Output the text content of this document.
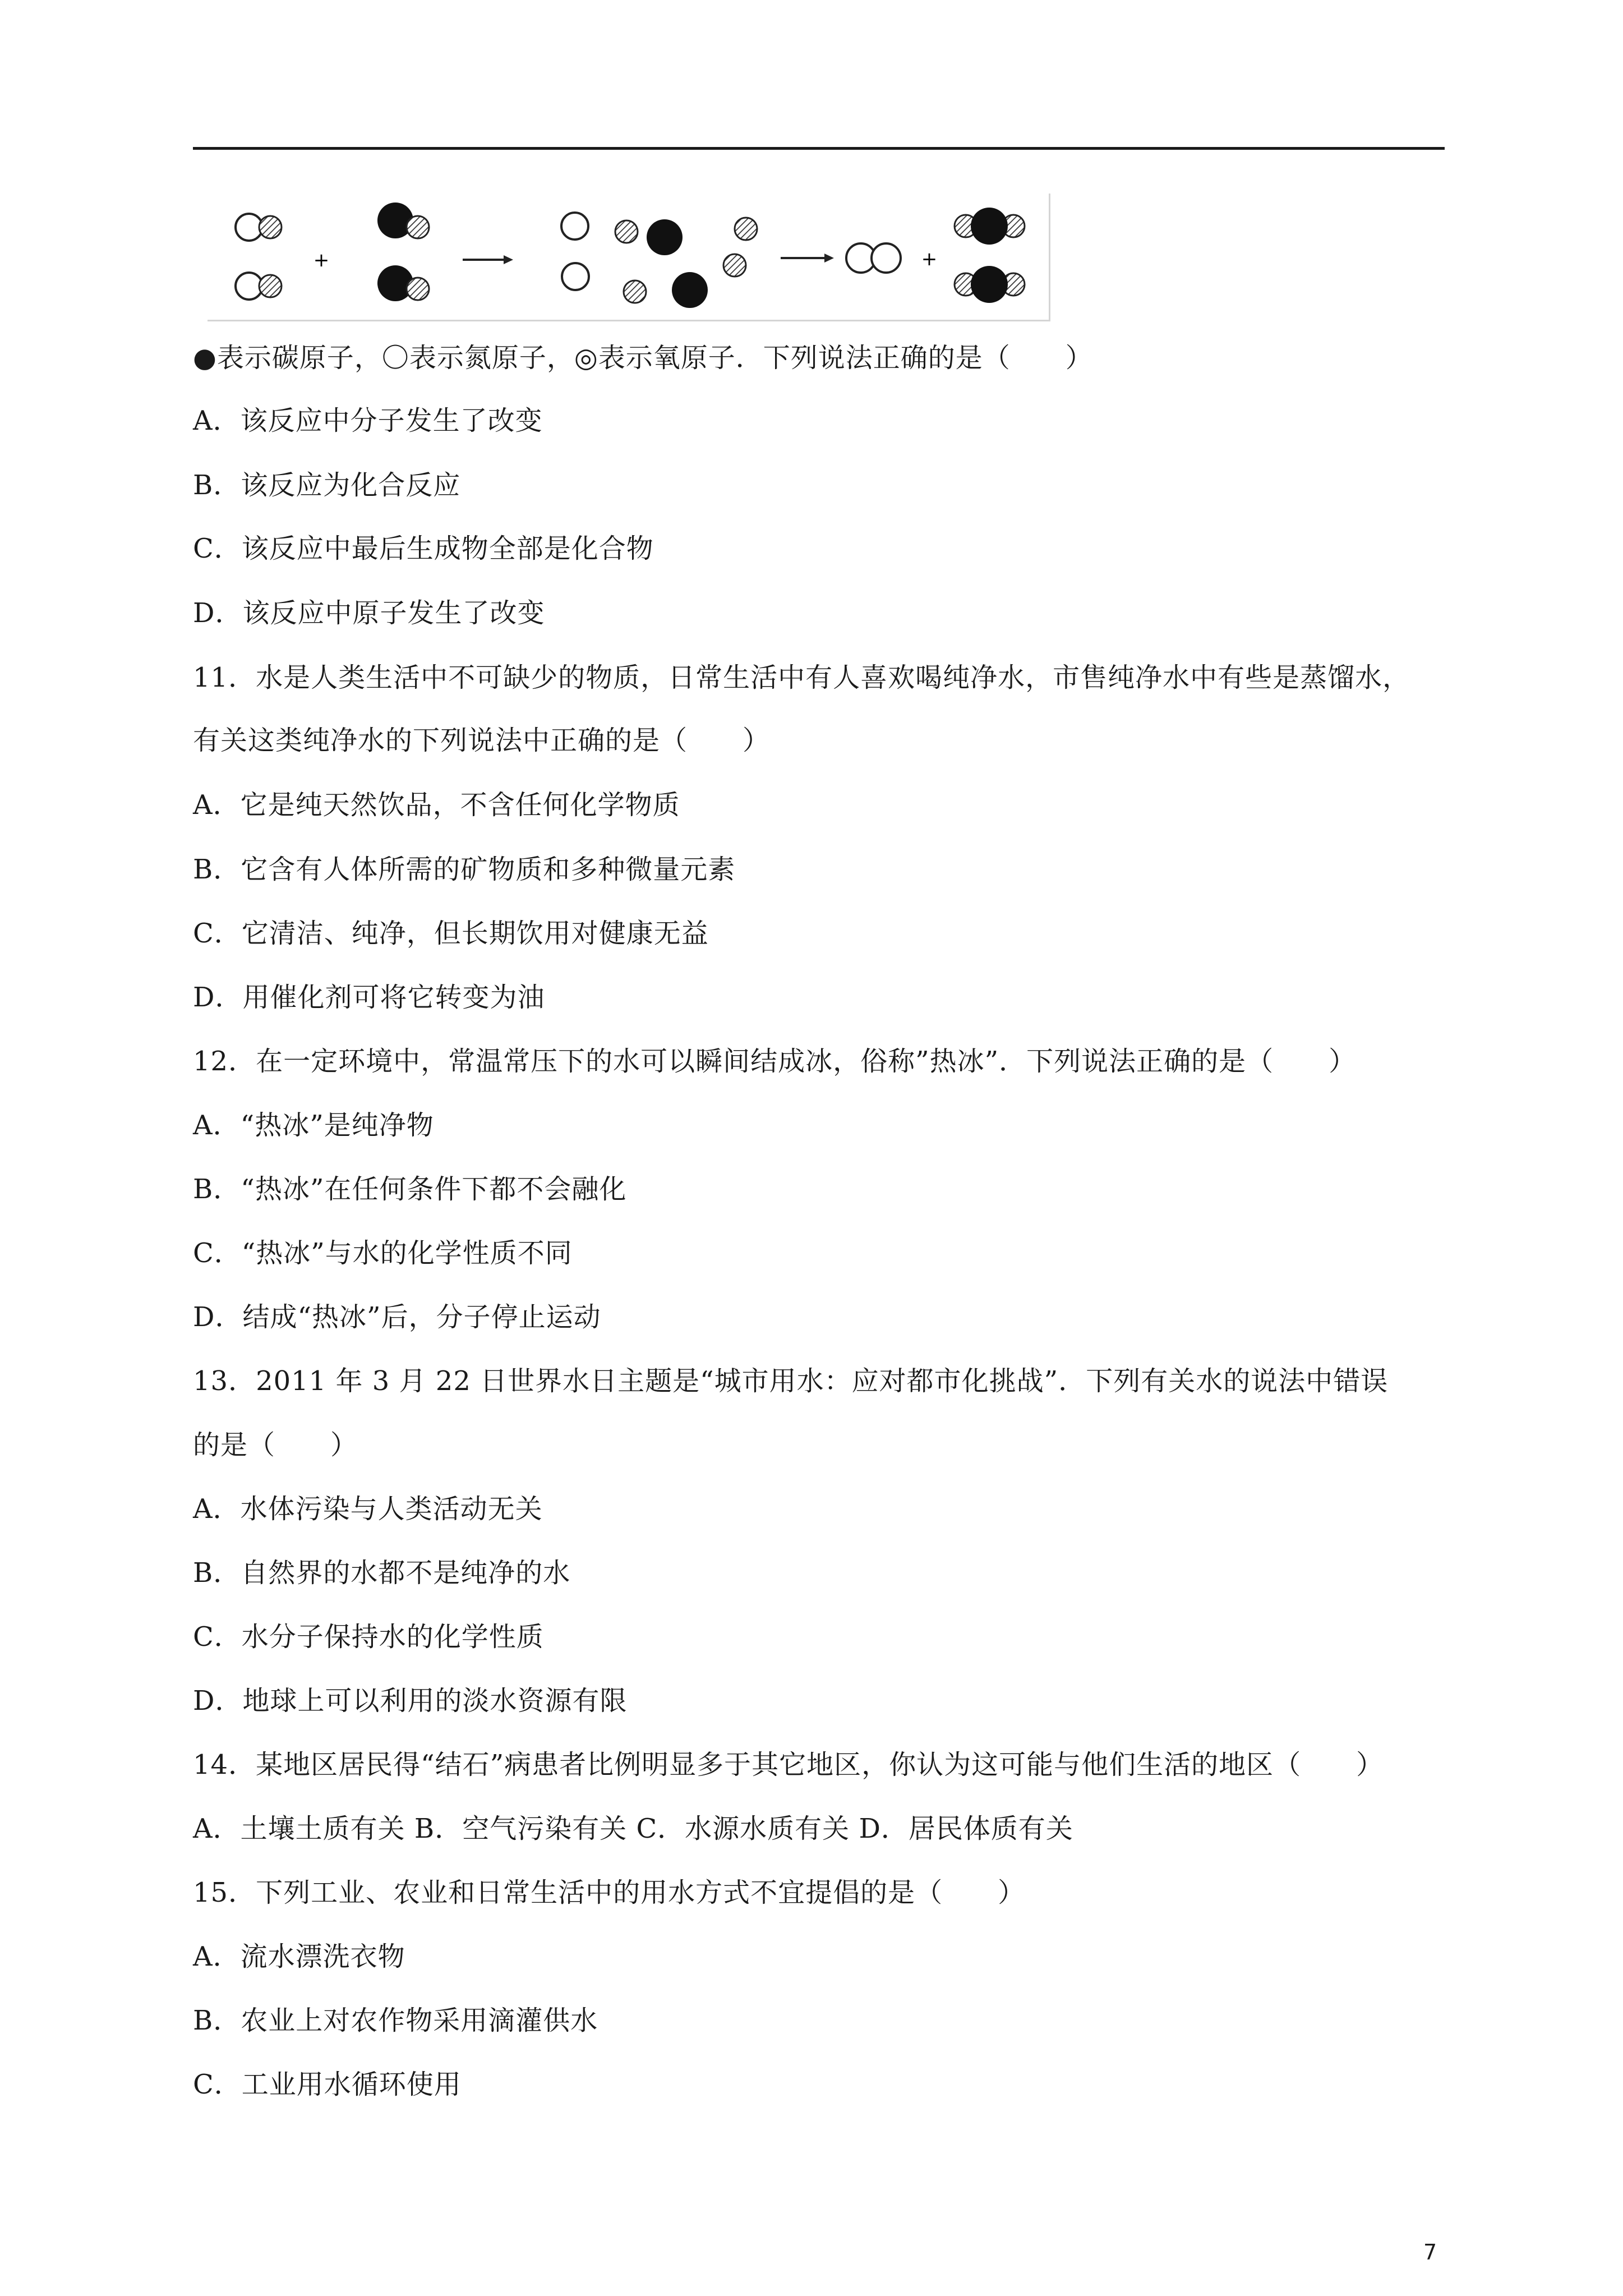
+	+
●表示碳原子，〇表示氮原子，◎表示氧原子．下列说法正确的是（　　）
A．该反应中分子发生了改变
B．该反应为化合反应
C．该反应中最后生成物全部是化合物
D．该反应中原子发生了改变
11．水是人类生活中不可缺少的物质，日常生活中有人喜欢喝纯净水，市售纯净水中有些是蒸馏水，
有关这类纯净水的下列说法中正确的是（　　）
A．它是纯天然饮品，不含任何化学物质
B．它含有人体所需的矿物质和多种微量元素
C．它清洁、纯净，但长期饮用对健康无益
D．用催化剂可将它转变为油
12．在一定环境中，常温常压下的水可以瞬间结成冰，俗称”热冰”．下列说法正确的是（　　）
A．“热冰”是纯净物
B．“热冰”在任何条件下都不会融化
C．“热冰”与水的化学性质不同
D．结成“热冰”后，分子停止运动
13．2011 年 3 月 22 日世界水日主题是“城市用水：应对都市化挑战”．下列有关水的说法中错误
的是（　　）
A．水体污染与人类活动无关
B．自然界的水都不是纯净的水
C．水分子保持水的化学性质
D．地球上可以利用的淡水资源有限
14．某地区居民得“结石”病患者比例明显多于其它地区，你认为这可能与他们生活的地区（　　）
A．土壤土质有关 B．空气污染有关 C．水源水质有关 D．居民体质有关
15．下列工业、农业和日常生活中的用水方式不宜提倡的是（　　）
A．流水漂洗衣物
B．农业上对农作物采用滴灌供水
C．工业用水循环使用
7
